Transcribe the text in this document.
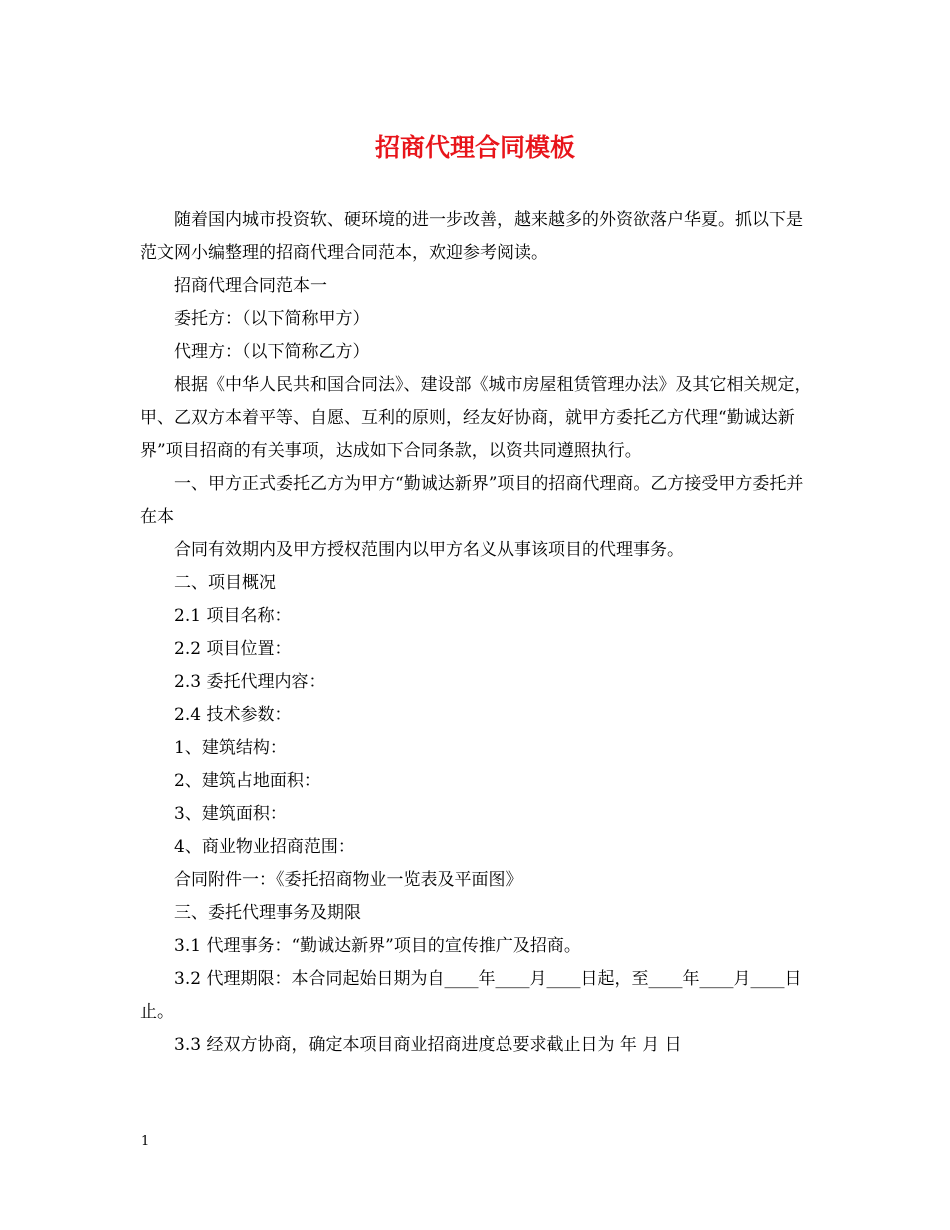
招商代理合同模板

随着国内城市投资软、硬环境的进一步改善，越来越多的外资欲落户华夏。抓以下是范文网小编整理的招商代理合同范本，欢迎参考阅读。

招商代理合同范本一

委托方：（以下简称甲方）

代理方：（以下简称乙方）

根据《中华人民共和国合同法》、建设部《城市房屋租赁管理办法》及其它相关规定，甲、乙双方本着平等、自愿、互利的原则，经友好协商，就甲方委托乙方代理“勤诚达新界”项目招商的有关事项，达成如下合同条款，以资共同遵照执行。

一、甲方正式委托乙方为甲方“勤诚达新界”项目的招商代理商。乙方接受甲方委托并在本

合同有效期内及甲方授权范围内以甲方名义从事该项目的代理事务。

二、项目概况

2.1 项目名称：

2.2 项目位置：

2.3 委托代理内容：

2.4 技术参数：

1、建筑结构：

2、建筑占地面积：

3、建筑面积：

4、商业物业招商范围：

合同附件一：《委托招商物业一览表及平面图》

三、委托代理事务及期限

3.1 代理事务：“勤诚达新界”项目的宣传推广及招商。

3.2 代理期限：本合同起始日期为自____年____月____日起，至____年____月____日止。

3.3 经双方协商，确定本项目商业招商进度总要求截止日为 年 月 日

1
